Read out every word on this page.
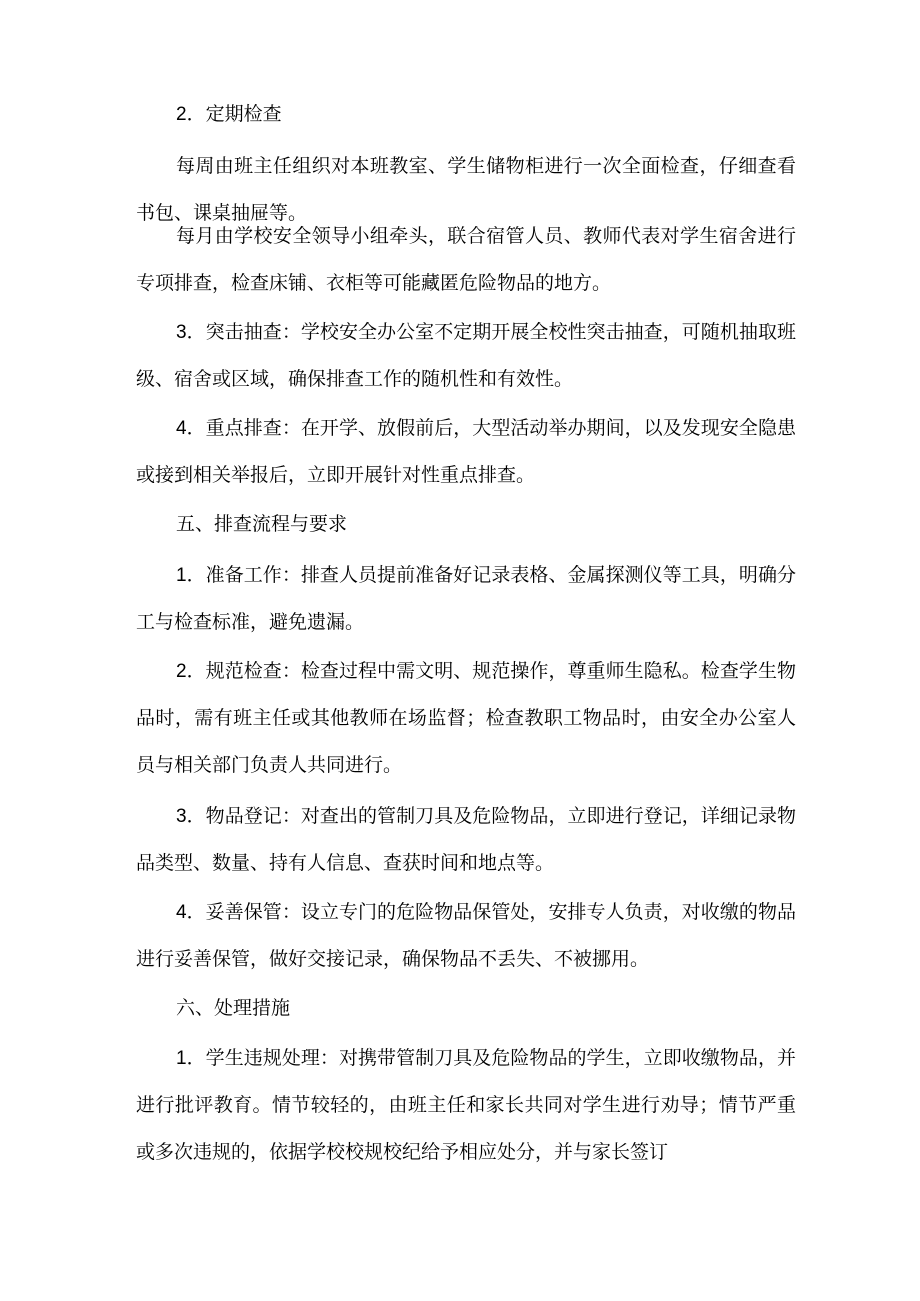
2．定期检查

每周由班主任组织对本班教室、学生储物柜进行一次全面检查，仔细查看书包、课桌抽屉等。

每月由学校安全领导小组牵头，联合宿管人员、教师代表对学生宿舍进行专项排查，检查床铺、衣柜等可能藏匿危险物品的地方。

3．突击抽查：学校安全办公室不定期开展全校性突击抽查，可随机抽取班级、宿舍或区域，确保排查工作的随机性和有效性。

4．重点排查：在开学、放假前后，大型活动举办期间，以及发现安全隐患或接到相关举报后，立即开展针对性重点排查。

五、排查流程与要求

1．准备工作：排查人员提前准备好记录表格、金属探测仪等工具，明确分工与检查标准，避免遗漏。

2．规范检查：检查过程中需文明、规范操作，尊重师生隐私。检查学生物品时，需有班主任或其他教师在场监督；检查教职工物品时，由安全办公室人员与相关部门负责人共同进行。

3．物品登记：对查出的管制刀具及危险物品，立即进行登记，详细记录物品类型、数量、持有人信息、查获时间和地点等。

4．妥善保管：设立专门的危险物品保管处，安排专人负责，对收缴的物品进行妥善保管，做好交接记录，确保物品不丢失、不被挪用。

六、处理措施

1．学生违规处理：对携带管制刀具及危险物品的学生，立即收缴物品，并进行批评教育。情节较轻的，由班主任和家长共同对学生进行劝导；情节严重或多次违规的，依据学校校规校纪给予相应处分，并与家长签订
